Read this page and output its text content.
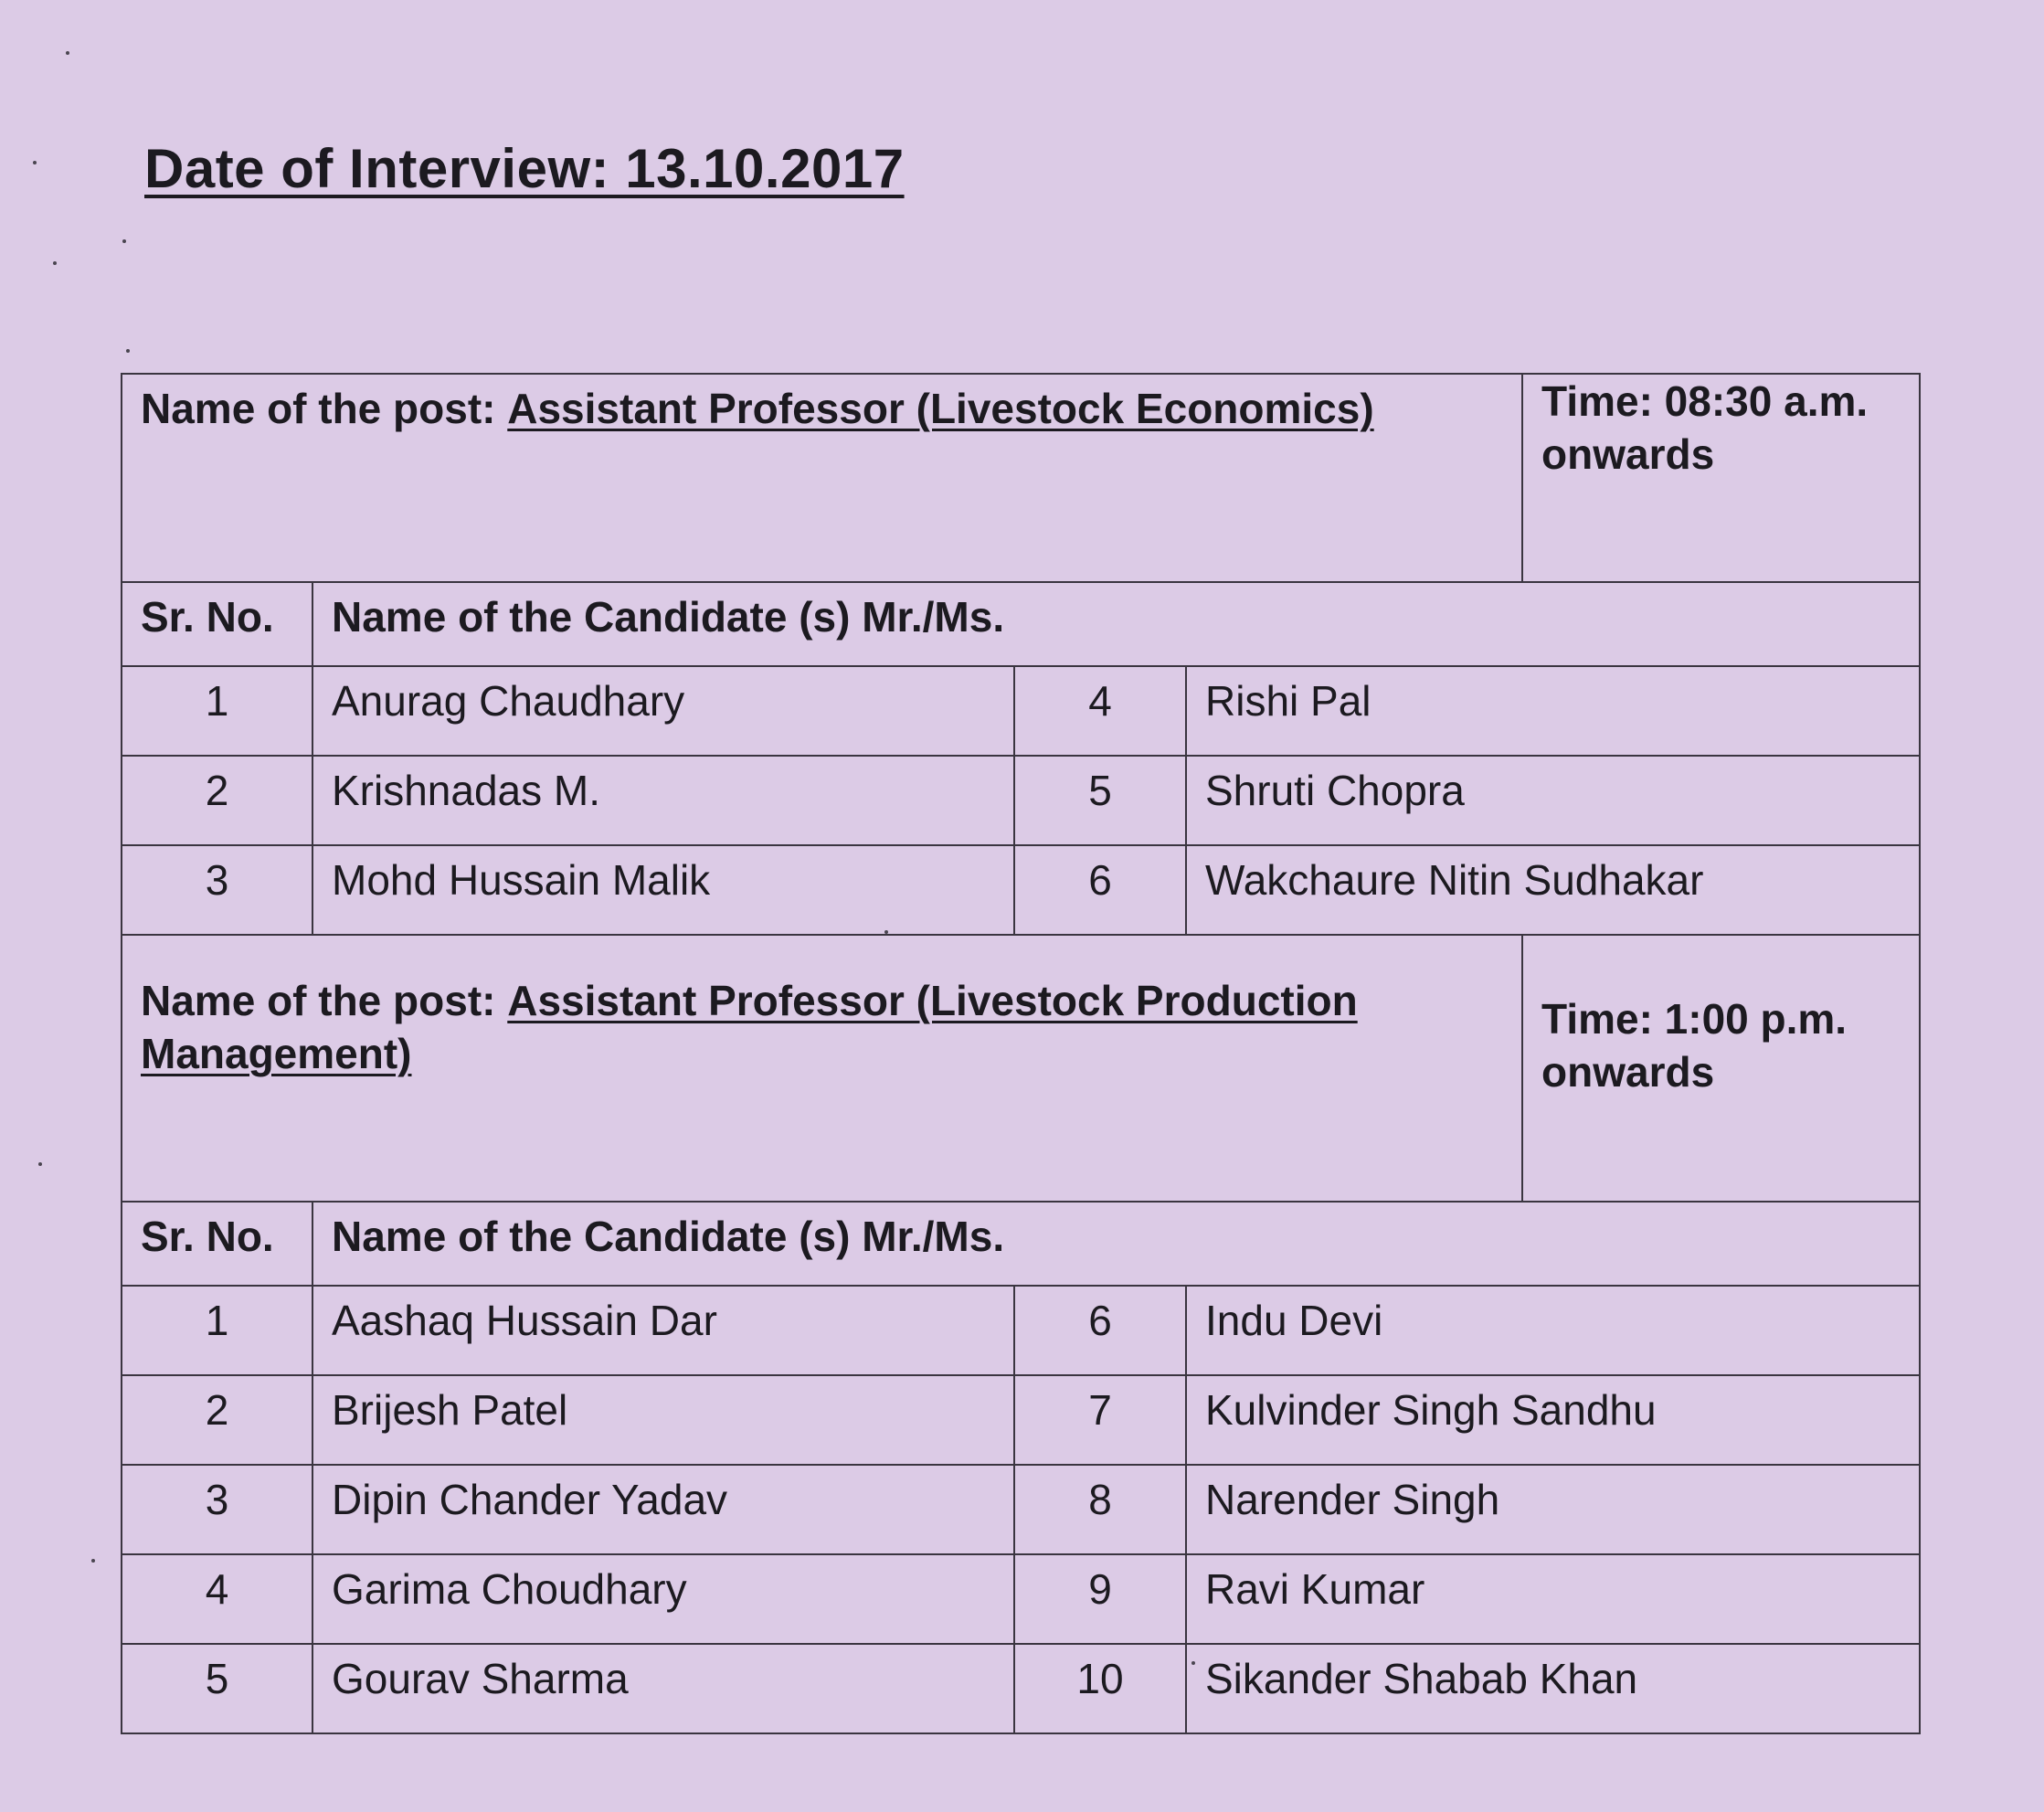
Date of Interview: 13.10.2017
Name of the post: Assistant Professor (Livestock Economics)				Time: 08:30 a.m. onwards
Sr. No.	Name of the Candidate (s) Mr./Ms.			
1	Anurag Chaudhary	4	Rishi Pal	
2	Krishnadas M.	5	Shruti Chopra	
3	Mohd Hussain Malik	6	Wakchaure Nitin Sudhakar	
Name of the post: Assistant Professor (Livestock Production Management)				Time: 1:00 p.m. onwards
Sr. No.	Name of the Candidate (s) Mr./Ms.			
1	Aashaq Hussain Dar	6	Indu Devi	
2	Brijesh Patel	7	Kulvinder Singh Sandhu	
3	Dipin Chander Yadav	8	Narender Singh	
4	Garima Choudhary	9	Ravi Kumar	
5	Gourav Sharma	10	Sikander Shabab Khan	
